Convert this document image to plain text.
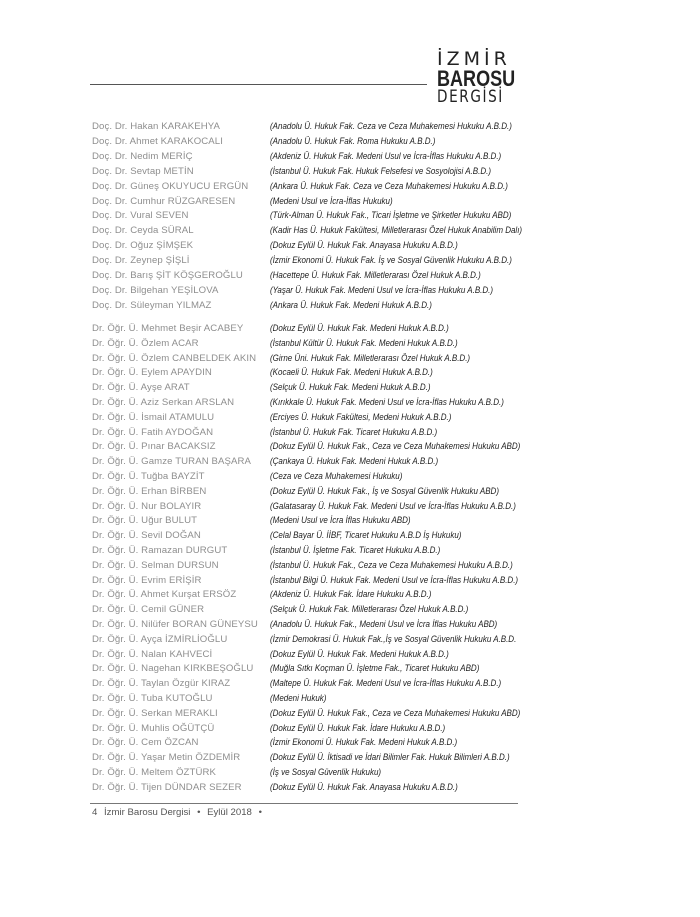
İZMİR
BAROSU
DERGİSİ
Doç. Dr. Hakan KARAKEHYA	(Anadolu Ü. Hukuk Fak. Ceza ve Ceza Muhakemesi Hukuku A.B.D.)
Doç. Dr. Ahmet KARAKOCALI	(Anadolu Ü. Hukuk Fak. Roma Hukuku A.B.D.)
Doç. Dr. Nedim MERİÇ	(Akdeniz Ü. Hukuk Fak. Medeni Usul ve İcra-İflas Hukuku A.B.D.)
Doç. Dr. Sevtap METİN	(İstanbul Ü. Hukuk Fak. Hukuk Felsefesi ve Sosyolojisi A.B.D.)
Doç. Dr. Güneş OKUYUCU ERGÜN (Ankara Ü. Hukuk Fak. Ceza ve Ceza Muhakemesi Hukuku A.B.D.)
Doç. Dr. Cumhur RÜZGARESEN	(Medeni Usul ve İcra-İflas Hukuku)
Doç. Dr. Vural SEVEN	(Türk-Alman Ü. Hukuk Fak., Ticari İşletme ve Şirketler Hukuku ABD)
Doç. Dr. Ceyda SÜRAL	(Kadir Has Ü. Hukuk Fakültesi, Milletlerarası Özel Hukuk Anabilim Dalı)
Doç. Dr. Oğuz ŞİMŞEK	(Dokuz Eylül Ü. Hukuk Fak. Anayasa Hukuku A.B.D.)
Doç. Dr. Zeynep ŞİŞLİ	(İzmir Ekonomi Ü. Hukuk Fak. İş ve Sosyal Güvenlik Hukuku A.B.D.)
Doç. Dr. Barış ŞİT KÖŞGEROĞLU	(Hacettepe Ü. Hukuk Fak. Milletlerarası Özel Hukuk A.B.D.)
Doç. Dr. Bilgehan YEŞİLOVA	(Yaşar Ü. Hukuk Fak. Medeni Usul ve İcra-İflas Hukuku A.B.D.)
Doç. Dr. Süleyman YILMAZ	(Ankara Ü. Hukuk Fak. Medeni Hukuk A.B.D.)
Dr. Öğr. Ü. Mehmet Beşir ACABEY	(Dokuz Eylül Ü. Hukuk Fak. Medeni Hukuk A.B.D.)
Dr. Öğr. Ü. Özlem ACAR	(İstanbul Kültür Ü. Hukuk Fak. Medeni Hukuk A.B.D.)
Dr. Öğr. Ü. Özlem CANBELDEK AKIN (Girne Üni. Hukuk Fak. Milletlerarası Özel Hukuk A.B.D.)
Dr. Öğr. Ü. Eylem APAYDIN	(Kocaeli Ü. Hukuk Fak. Medeni Hukuk A.B.D.)
Dr. Öğr. Ü. Ayşe ARAT	(Selçuk Ü. Hukuk Fak. Medeni Hukuk A.B.D.)
Dr. Öğr. Ü. Aziz Serkan ARSLAN	(Kırıkkale Ü. Hukuk Fak. Medeni Usul ve İcra-İflas Hukuku A.B.D.)
Dr. Öğr. Ü. İsmail ATAMULU	(Erciyes Ü. Hukuk Fakültesi, Medeni Hukuk A.B.D.)
Dr. Öğr. Ü. Fatih AYDOĞAN	(İstanbul Ü. Hukuk Fak. Ticaret Hukuku A.B.D.)
Dr. Öğr. Ü. Pınar BACAKSIZ	(Dokuz Eylül Ü. Hukuk Fak., Ceza ve Ceza Muhakemesi Hukuku ABD)
Dr. Öğr. Ü. Gamze TURAN BAŞARA (Çankaya Ü. Hukuk Fak. Medeni Hukuk A.B.D.)
Dr. Öğr. Ü. Tuğba BAYZİT	(Ceza ve Ceza Muhakemesi Hukuku)
Dr. Öğr. Ü. Erhan BİRBEN	(Dokuz Eylül Ü. Hukuk Fak., İş ve Sosyal Güvenlik Hukuku ABD)
Dr. Öğr. Ü. Nur BOLAYIR	(Galatasaray Ü. Hukuk Fak. Medeni Usul ve İcra-İflas Hukuku A.B.D.)
Dr. Öğr. Ü. Uğur BULUT	(Medeni Usul ve İcra İflas Hukuku ABD)
Dr. Öğr. Ü. Sevil DOĞAN	(Celal Bayar Ü. İİBF, Ticaret Hukuku A.B.D İş Hukuku)
Dr. Öğr. Ü. Ramazan DURGUT	(İstanbul Ü. İşletme Fak. Ticaret Hukuku A.B.D.)
Dr. Öğr. Ü. Selman DURSUN	(İstanbul Ü. Hukuk Fak., Ceza ve Ceza Muhakemesi Hukuku A.B.D.)
Dr. Öğr. Ü. Evrim ERİŞİR	(İstanbul Bilgi Ü. Hukuk Fak. Medeni Usul ve İcra-İflas Hukuku A.B.D.)
Dr. Öğr. Ü. Ahmet Kurşat ERSÖZ	(Akdeniz Ü. Hukuk Fak. İdare Hukuku A.B.D.)
Dr. Öğr. Ü. Cemil GÜNER	(Selçuk Ü. Hukuk Fak. Milletlerarası Özel Hukuk A.B.D.)
Dr. Öğr. Ü. Nilüfer BORAN GÜNEYSU (Anadolu Ü. Hukuk Fak., Medeni Usul ve İcra İflas Hukuku ABD)
Dr. Öğr. Ü. Ayça İZMİRLİOĞLU	(İzmir Demokrasi Ü. Hukuk Fak.,İş ve Sosyal Güvenlik Hukuku A.B.D.
Dr. Öğr. Ü. Nalan KAHVECİ	(Dokuz Eylül Ü. Hukuk Fak. Medeni Hukuk A.B.D.)
Dr. Öğr. Ü. Nagehan KIRKBEŞOĞLU (Muğla Sıtkı Koçman Ü. İşletme Fak., Ticaret Hukuku ABD)
Dr. Öğr. Ü. Taylan Özgür KIRAZ	(Maltepe Ü. Hukuk Fak. Medeni Usul ve İcra-İflas Hukuku A.B.D.)
Dr. Öğr. Ü. Tuba KUTOĞLU	(Medeni Hukuk)
Dr. Öğr. Ü. Serkan MERAKLI	(Dokuz Eylül Ü. Hukuk Fak., Ceza ve Ceza Muhakemesi Hukuku ABD)
Dr. Öğr. Ü. Muhlis OĞÜTÇÜ	(Dokuz Eylül Ü. Hukuk Fak. İdare Hukuku A.B.D.)
Dr. Öğr. Ü. Cem ÖZCAN	(İzmir Ekonomi Ü. Hukuk Fak. Medeni Hukuk A.B.D.)
Dr. Öğr. Ü. Yaşar Metin ÖZDEMİR	(Dokuz Eylül Ü. İktisadi ve İdari Bilimler Fak. Hukuk Bilimleri A.B.D.)
Dr. Öğr. Ü. Meltem ÖZTÜRK	(İş ve Sosyal Güvenlik Hukuku)
Dr. Öğr. Ü. Tijen DÜNDAR SEZER	(Dokuz Eylül Ü. Hukuk Fak. Anayasa Hukuku A.B.D.)
4 İzmir Barosu Dergisi • Eylül 2018 •
